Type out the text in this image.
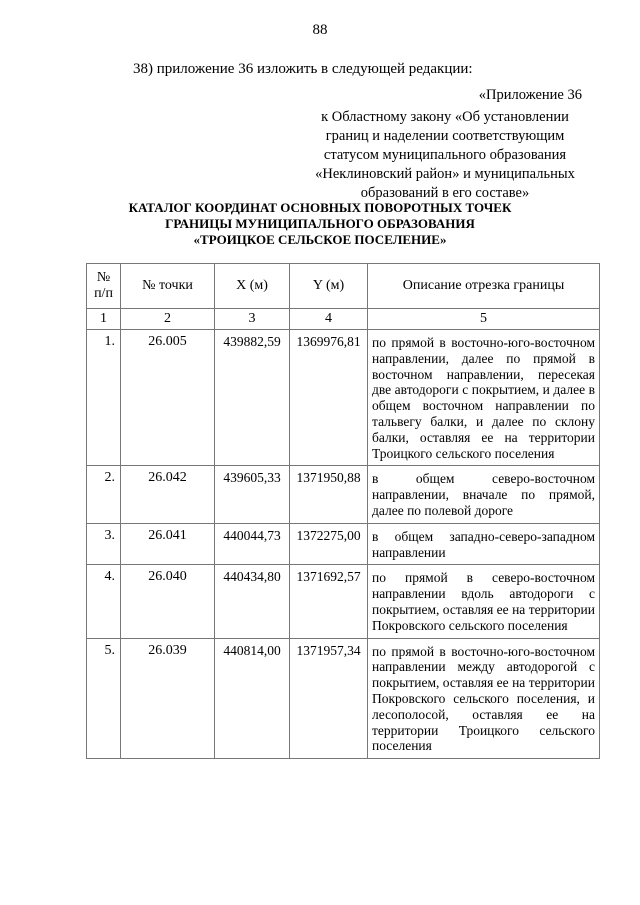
88
38) приложение 36 изложить в следующей редакции:
«Приложение 36
к Областному закону «Об установлении
границ и наделении соответствующим
статусом муниципального образования
«Неклиновский район» и муниципальных
образований в его составе»
КАТАЛОГ КООРДИНАТ ОСНОВНЫХ ПОВОРОТНЫХ ТОЧЕК
ГРАНИЦЫ МУНИЦИПАЛЬНОГО ОБРАЗОВАНИЯ
«ТРОИЦКОЕ СЕЛЬСКОЕ ПОСЕЛЕНИЕ»
№
п/п	№ точки	X (м)	Y (м)	Описание отрезка границы
1	2	3	4	5
1.	26.005	439882,59	1369976,81	по прямой в восточно-юго-восточном направлении, далее по прямой в восточном направлении, пересекая две автодороги с покрытием, и далее в общем восточном направлении по тальвегу балки, и далее по склону балки, оставляя ее на территории Троицкого сельского поселения
2.	26.042	439605,33	1371950,88	в общем северо-восточном направлении, вначале по прямой, далее по полевой дороге
3.	26.041	440044,73	1372275,00	в общем западно-северо-западном направлении
4.	26.040	440434,80	1371692,57	по прямой в северо-восточном направлении вдоль автодороги с покрытием, оставляя ее на территории Покровского сельского поселения
5.	26.039	440814,00	1371957,34	по прямой в восточно-юго-восточном направлении между автодорогой с покрытием, оставляя ее на территории Покровского сельского поселения, и лесополосой, оставляя ее на территории Троицкого сельского поселения
